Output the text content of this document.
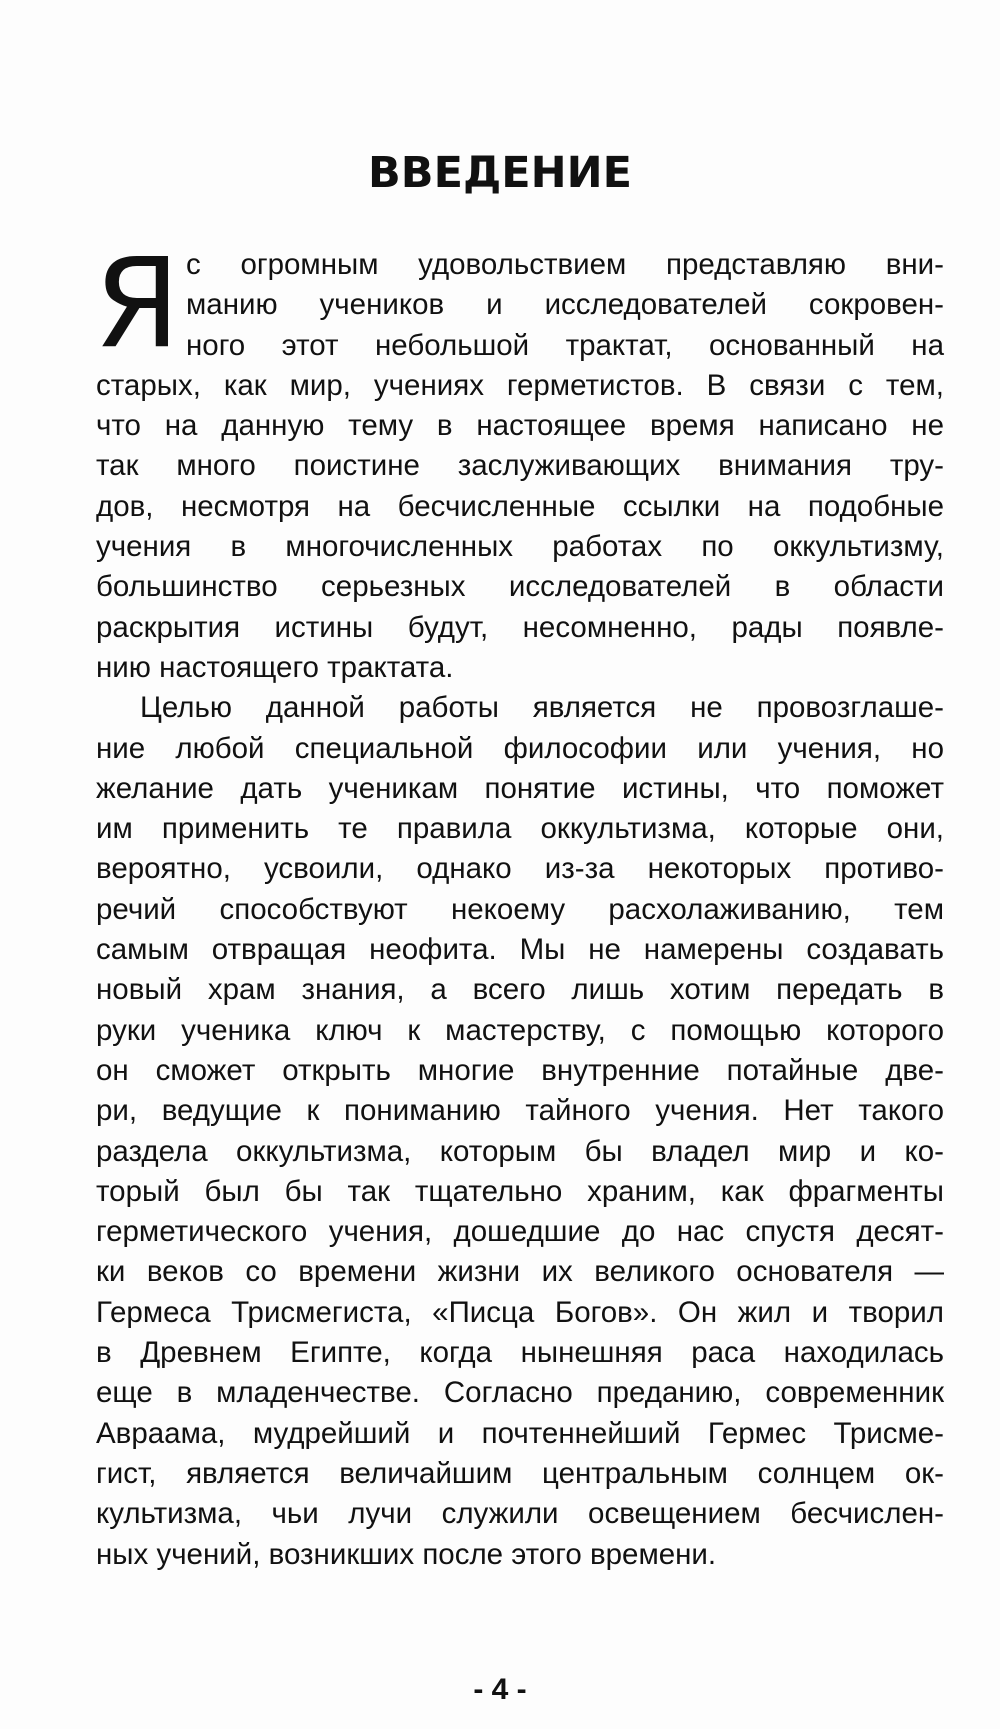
ВВЕДЕНИЕ
Я с огромным удовольствием представляю вни-
манию учеников и исследователей сокровен-
ного этот небольшой трактат, основанный на
старых, как мир, учениях герметистов. В связи с тем,
что на данную тему в настоящее время написано не
так много поистине заслуживающих внимания тру-
дов, несмотря на бесчисленные ссылки на подобные
учения в многочисленных работах по оккультизму,
большинство серьезных исследователей в области
раскрытия истины будут, несомненно, рады появле-
нию настоящего трактата.
Целью данной работы является не провозглаше-
ние любой специальной философии или учения, но
желание дать ученикам понятие истины, что поможет
им применить те правила оккультизма, которые они,
вероятно, усвоили, однако из-за некоторых противо-
речий способствуют некоему расхолаживанию, тем
самым отвращая неофита. Мы не намерены создавать
новый храм знания, а всего лишь хотим передать в
руки ученика ключ к мастерству, с помощью которого
он сможет открыть многие внутренние потайные две-
ри, ведущие к пониманию тайного учения. Нет такого
раздела оккультизма, которым бы владел мир и ко-
торый был бы так тщательно храним, как фрагменты
герметического учения, дошедшие до нас спустя десят-
ки веков со времени жизни их великого основателя —
Гермеса Трисмегиста, «Писца Богов». Он жил и творил
в Древнем Египте, когда нынешняя раса находилась
еще в младенчестве. Согласно преданию, современник
Авраама, мудрейший и почтеннейший Гермес Трисме-
гист, является величайшим центральным солнцем ок-
культизма, чьи лучи служили освещением бесчислен-
ных учений, возникших после этого времени.
- 4 -
